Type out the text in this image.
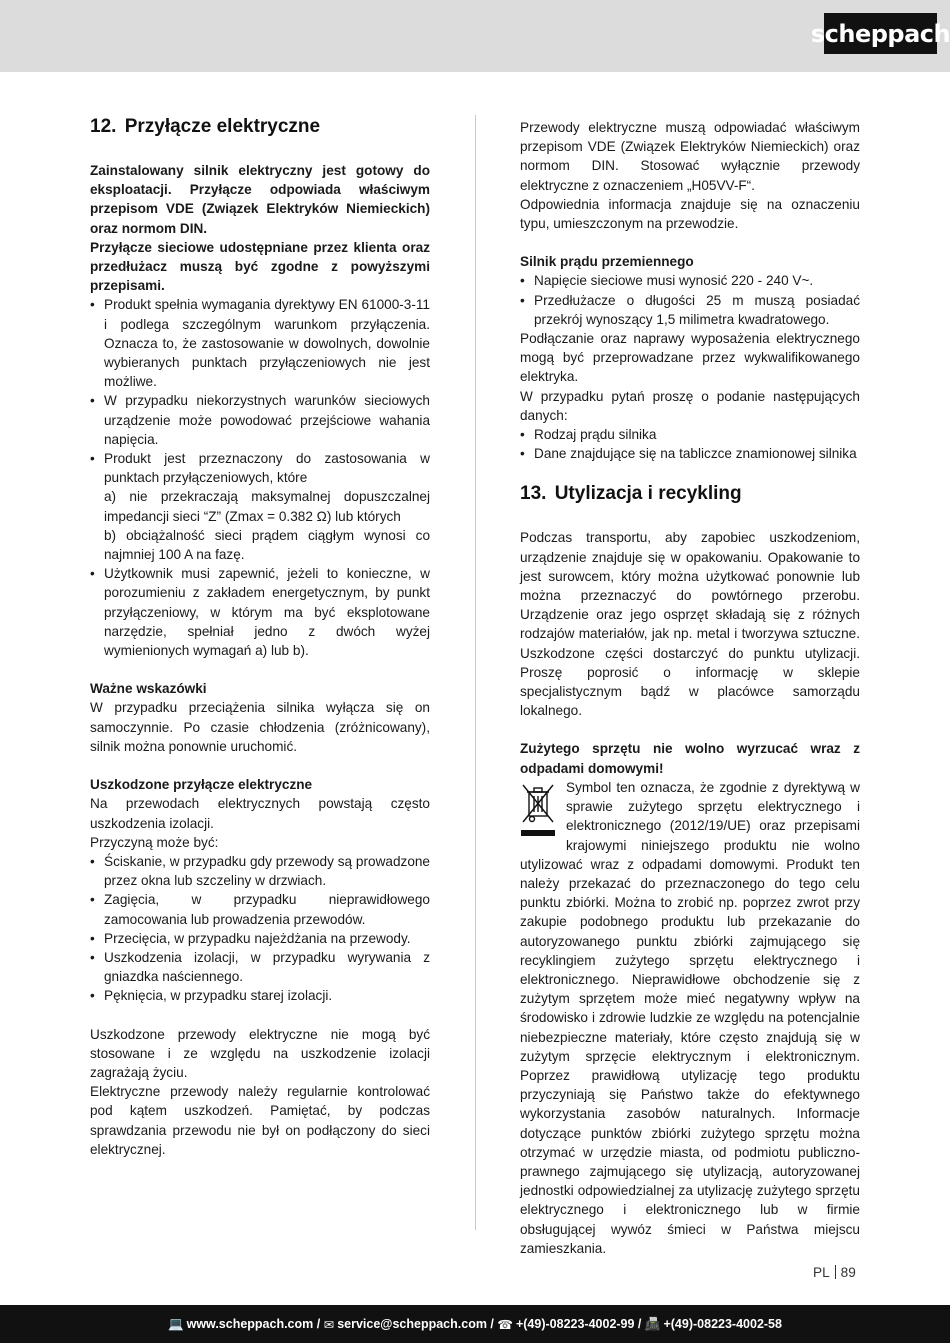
scheppach
12. Przyłącze elektryczne

Zainstalowany silnik elektryczny jest gotowy do eksploatacji. Przyłącze odpowiada właściwym przepisom VDE (Związek Elektryków Niemieckich) oraz normom DIN.

Przyłącze sieciowe udostępniane przez klienta oraz przedłużacz muszą być zgodne z powyższymi przepisami.

• Produkt spełnia wymagania dyrektywy EN 61000-3-11 i podlega szczególnym warunkom przyłączenia. Oznacza to, że zastosowanie w dowolnych, dowolnie wybieranych punktach przyłączeniowych nie jest możliwe.
• W przypadku niekorzystnych warunków sieciowych urządzenie może powodować przejściowe wahania napięcia.
• Produkt jest przeznaczony do zastosowania w punktach przyłączeniowych, które
a) nie przekraczają maksymalnej dopuszczalnej impedancji sieci “Z” (Zmax = 0.382 Ω) lub których
b) obciążalność sieci prądem ciągłym wynosi co najmniej 100 A na fazę.
• Użytkownik musi zapewnić, jeżeli to konieczne, w porozumieniu z zakładem energetycznym, by punkt przyłączeniowy, w którym ma być eksplotowane narzędzie, spełniał jedno z dwóch wyżej wymienionych wymagań a) lub b).
Ważne wskazówki

W przypadku przeciążenia silnika wyłącza się on samoczynnie. Po czasie chłodzenia (zróżnicowany), silnik można ponownie uruchomić.

Uszkodzone przyłącze elektryczne

Na przewodach elektrycznych powstają często uszkodzenia izolacji.

Przyczyną może być:

• Ściskanie, w przypadku gdy przewody są prowadzone przez okna lub szczeliny w drzwiach.
• Zagięcia, w przypadku nieprawidłowego zamocowania lub prowadzenia przewodów.
• Przecięcia, w przypadku najeżdżania na przewody.
• Uszkodzenia izolacji, w przypadku wyrywania z gniazdka naściennego.
• Pęknięcia, w przypadku starej izolacji.

Uszkodzone przewody elektryczne nie mogą być stosowane i ze względu na uszkodzenie izolacji zagrażają życiu.

Elektryczne przewody należy regularnie kontrolować pod kątem uszkodzeń. Pamiętać, by podczas sprawdzania przewodu nie był on podłączony do sieci elektrycznej.

Przewody elektryczne muszą odpowiadać właściwym przepisom VDE (Związek Elektryków Niemieckich) oraz normom DIN. Stosować wyłącznie przewody elektryczne z oznaczeniem „H05VV-F“.

Odpowiednia informacja znajduje się na oznaczeniu typu, umieszczonym na przewodzie.

Silnik prądu przemiennego
• Napięcie sieciowe musi wynosić 220 - 240 V~.
• Przedłużacze o długości 25 m muszą posiadać przekrój wynoszący 1,5 milimetra kwadratowego.

Podłączanie oraz naprawy wyposażenia elektrycznego mogą być przeprowadzane przez wykwalifikowanego elektryka.

W przypadku pytań proszę o podanie następujących danych:

• Rodzaj prądu silnika
• Dane znajdujące się na tabliczce znamionowej silnika
13. Utylizacja i recykling

Podczas transportu, aby zapobiec uszkodzeniom, urządzenie znajduje się w opakowaniu. Opakowanie to jest surowcem, który można użytkować ponownie lub można przeznaczyć do powtórnego przerobu. Urządzenie oraz jego osprzęt składają się z różnych rodzajów materiałów, jak np. metal i tworzywa sztuczne. Uszkodzone części dostarczyć do punktu utylizacji. Proszę poprosić o informację w sklepie specjalistycznym bądź w placówce samorządu lokalnego.

Zużytego sprzętu nie wolno wyrzucać wraz z odpadami domowymi!

Symbol ten oznacza, że zgodnie z dyrektywą w sprawie zużytego sprzętu elektrycznego i elektronicznego (2012/19/UE) oraz przepisami krajowymi niniejszego produktu nie wolno utylizować wraz z odpadami domowymi. Produkt ten należy przekazać do przeznaczonego do tego celu punktu zbiórki. Można to zrobić np. poprzez zwrot przy zakupie podobnego produktu lub przekazanie do autoryzowanego punktu zbiórki zajmującego się recyklingiem zużytego sprzętu elektrycznego i elektronicznego. Nieprawidłowe obchodzenie się z zużytym sprzętem może mieć negatywny wpływ na środowisko i zdrowie ludzkie ze względu na potencjalnie niebezpieczne materiały, które często znajdują się w zużytym sprzęcie elektrycznym i elektronicznym. Poprzez prawidłową utylizację tego produktu przyczyniają się Państwo także do efektywnego wykorzystania zasobów naturalnych. Informacje dotyczące punktów zbiórki zużytego sprzętu można otrzymać w urzędzie miasta, od podmiotu publiczno-prawnego zajmującego się utylizacją, autoryzowanej jednostki odpowiedzialnej za utylizację zużytego sprzętu elektrycznego i elektronicznego lub w firmie obsługującej wywóz śmieci w Państwa miejscu zamieszkania.

PL 89
💻 www.scheppach.com /
✉ service@scheppach.com /
☎ +(49)-08223-4002-99 /
📠 +(49)-08223-4002-58
